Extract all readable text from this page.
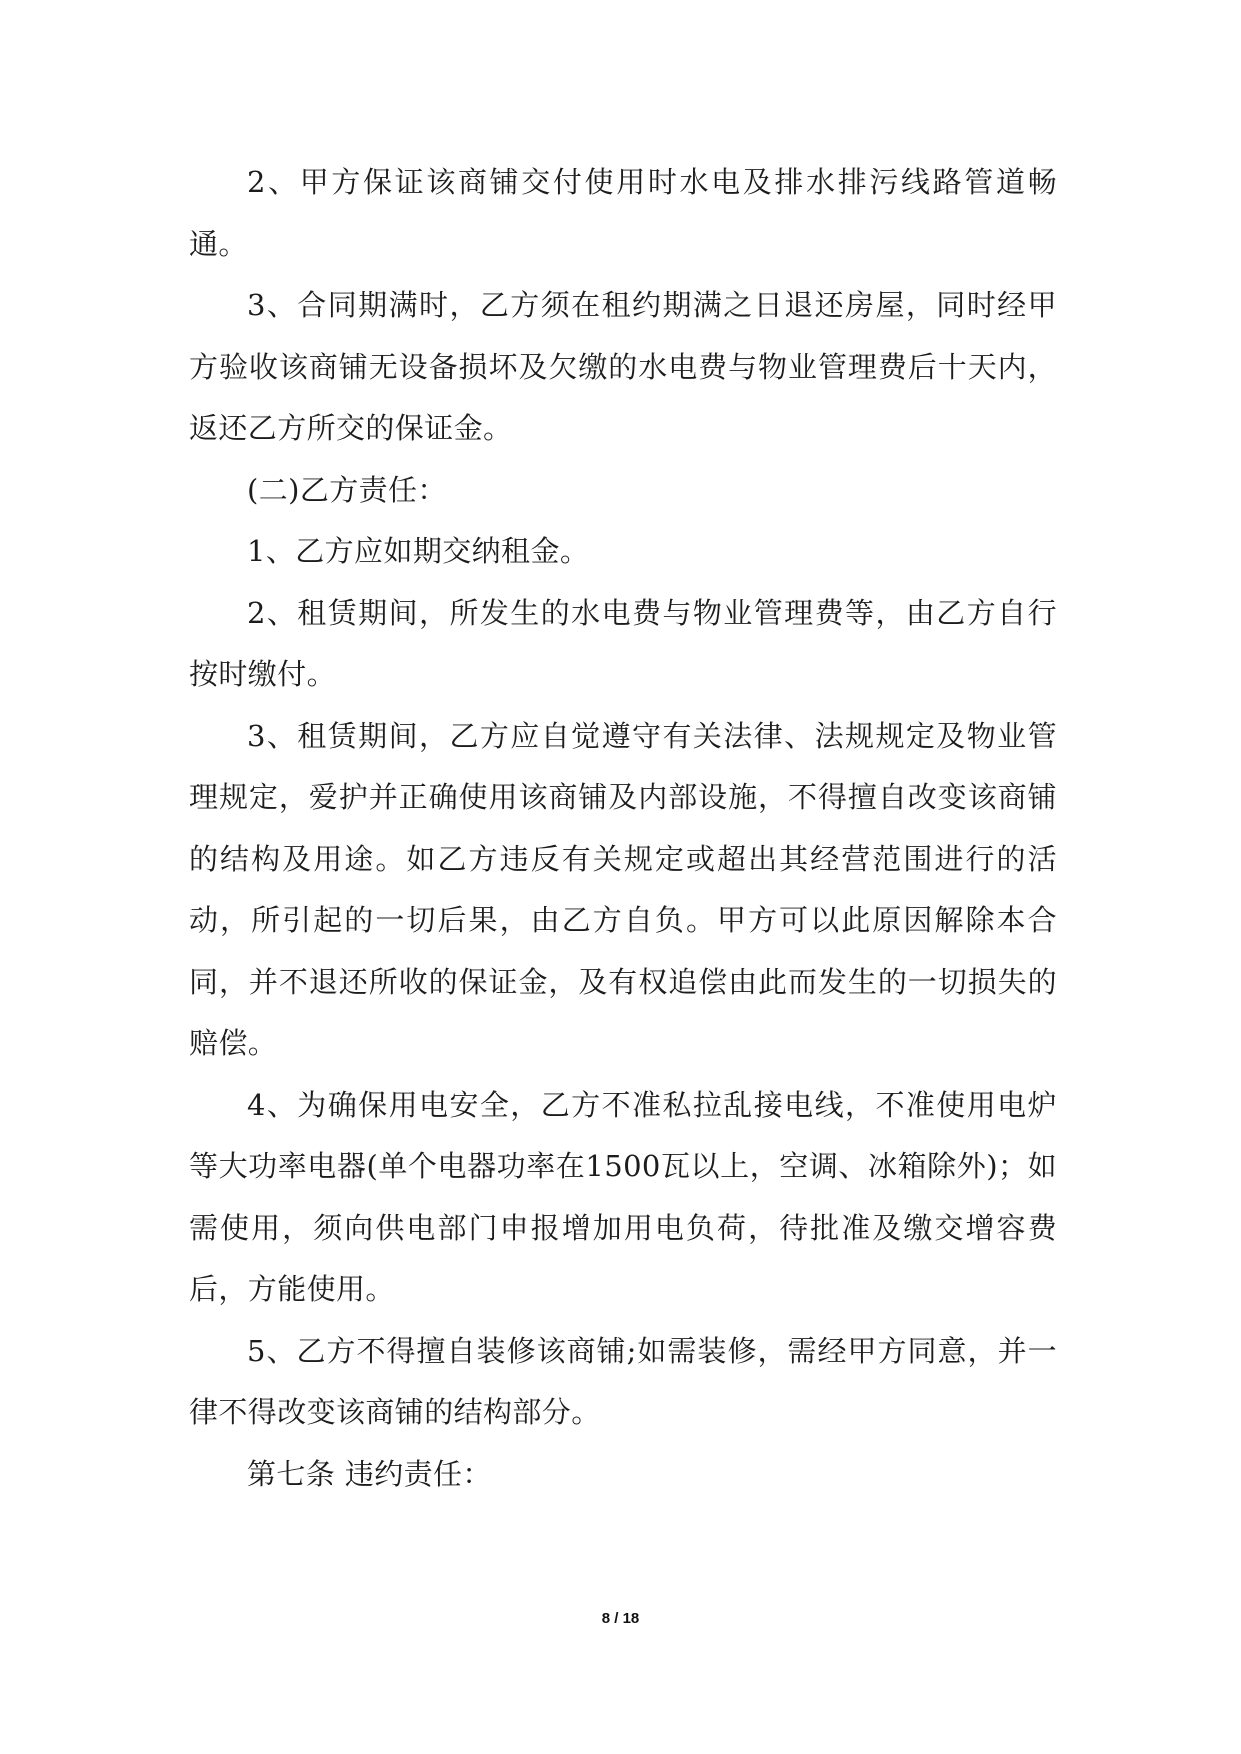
2、甲方保证该商铺交付使用时水电及排水排污线路管道畅通。

3、合同期满时，乙方须在租约期满之日退还房屋，同时经甲方验收该商铺无设备损坏及欠缴的水电费与物业管理费后十天内，返还乙方所交的保证金。

(二)乙方责任：

1、乙方应如期交纳租金。

2、租赁期间，所发生的水电费与物业管理费等，由乙方自行按时缴付。

3、租赁期间，乙方应自觉遵守有关法律、法规规定及物业管理规定，爱护并正确使用该商铺及内部设施，不得擅自改变该商铺的结构及用途。如乙方违反有关规定或超出其经营范围进行的活动，所引起的一切后果，由乙方自负。甲方可以此原因解除本合同，并不退还所收的保证金，及有权追偿由此而发生的一切损失的赔偿。

4、为确保用电安全，乙方不准私拉乱接电线，不准使用电炉等大功率电器(单个电器功率在1500瓦以上，空调、冰箱除外)；如需使用，须向供电部门申报增加用电负荷，待批准及缴交增容费后，方能使用。

5、乙方不得擅自装修该商铺;如需装修，需经甲方同意，并一律不得改变该商铺的结构部分。

第七条 违约责任：

8 / 18
